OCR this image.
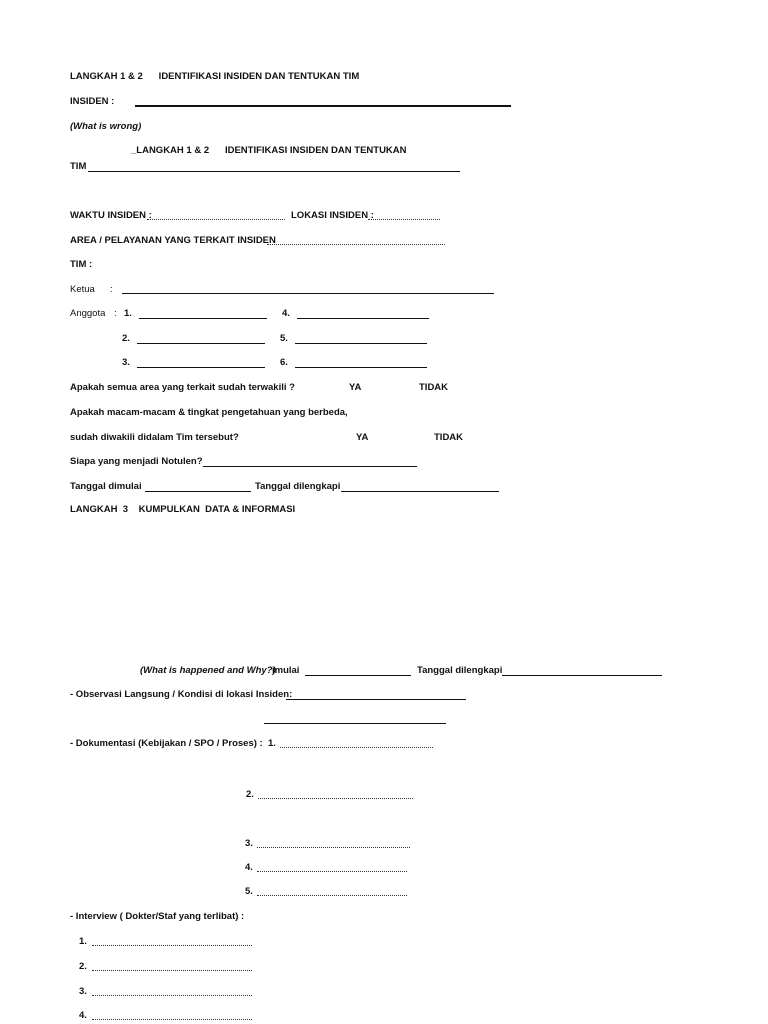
LANGKAH 1 & 2      IDENTIFIKASI INSIDEN DAN TENTUKAN TIM
INSIDEN :
(What is wrong)
_LANGKAH 1 & 2      IDENTIFIKASI INSIDEN DAN TENTUKAN
TIM
WAKTU INSIDEN :	LOKASI INSIDEN :
AREA / PELAYANAN YANG TERKAIT INSIDEN
TIM :
Ketua :
Anggota : 1.	4.
2.	5.
3.	6.
Apakah semua area yang terkait sudah terwakili ?	YA	TIDAK
Apakah macam-macam & tingkat pengetahuan yang berbeda,
sudah diwakili didalam Tim tersebut?	YA	TIDAK
Siapa yang menjadi Notulen?
Tanggal dimulai	Tanggal dilengkapi
LANGKAH  3    KUMPULKAN  DATA & INFORMASI
(What is happened and Why?)
imulai	Tanggal dilengkapi
- Observasi Langsung / Kondisi di lokasi Insiden:
- Dokumentasi (Kebijakan / SPO / Proses) : 1.
2.
3.
4.
5.
- Interview ( Dokter/Staf yang terlibat) :
1.
2.
3.
4.
